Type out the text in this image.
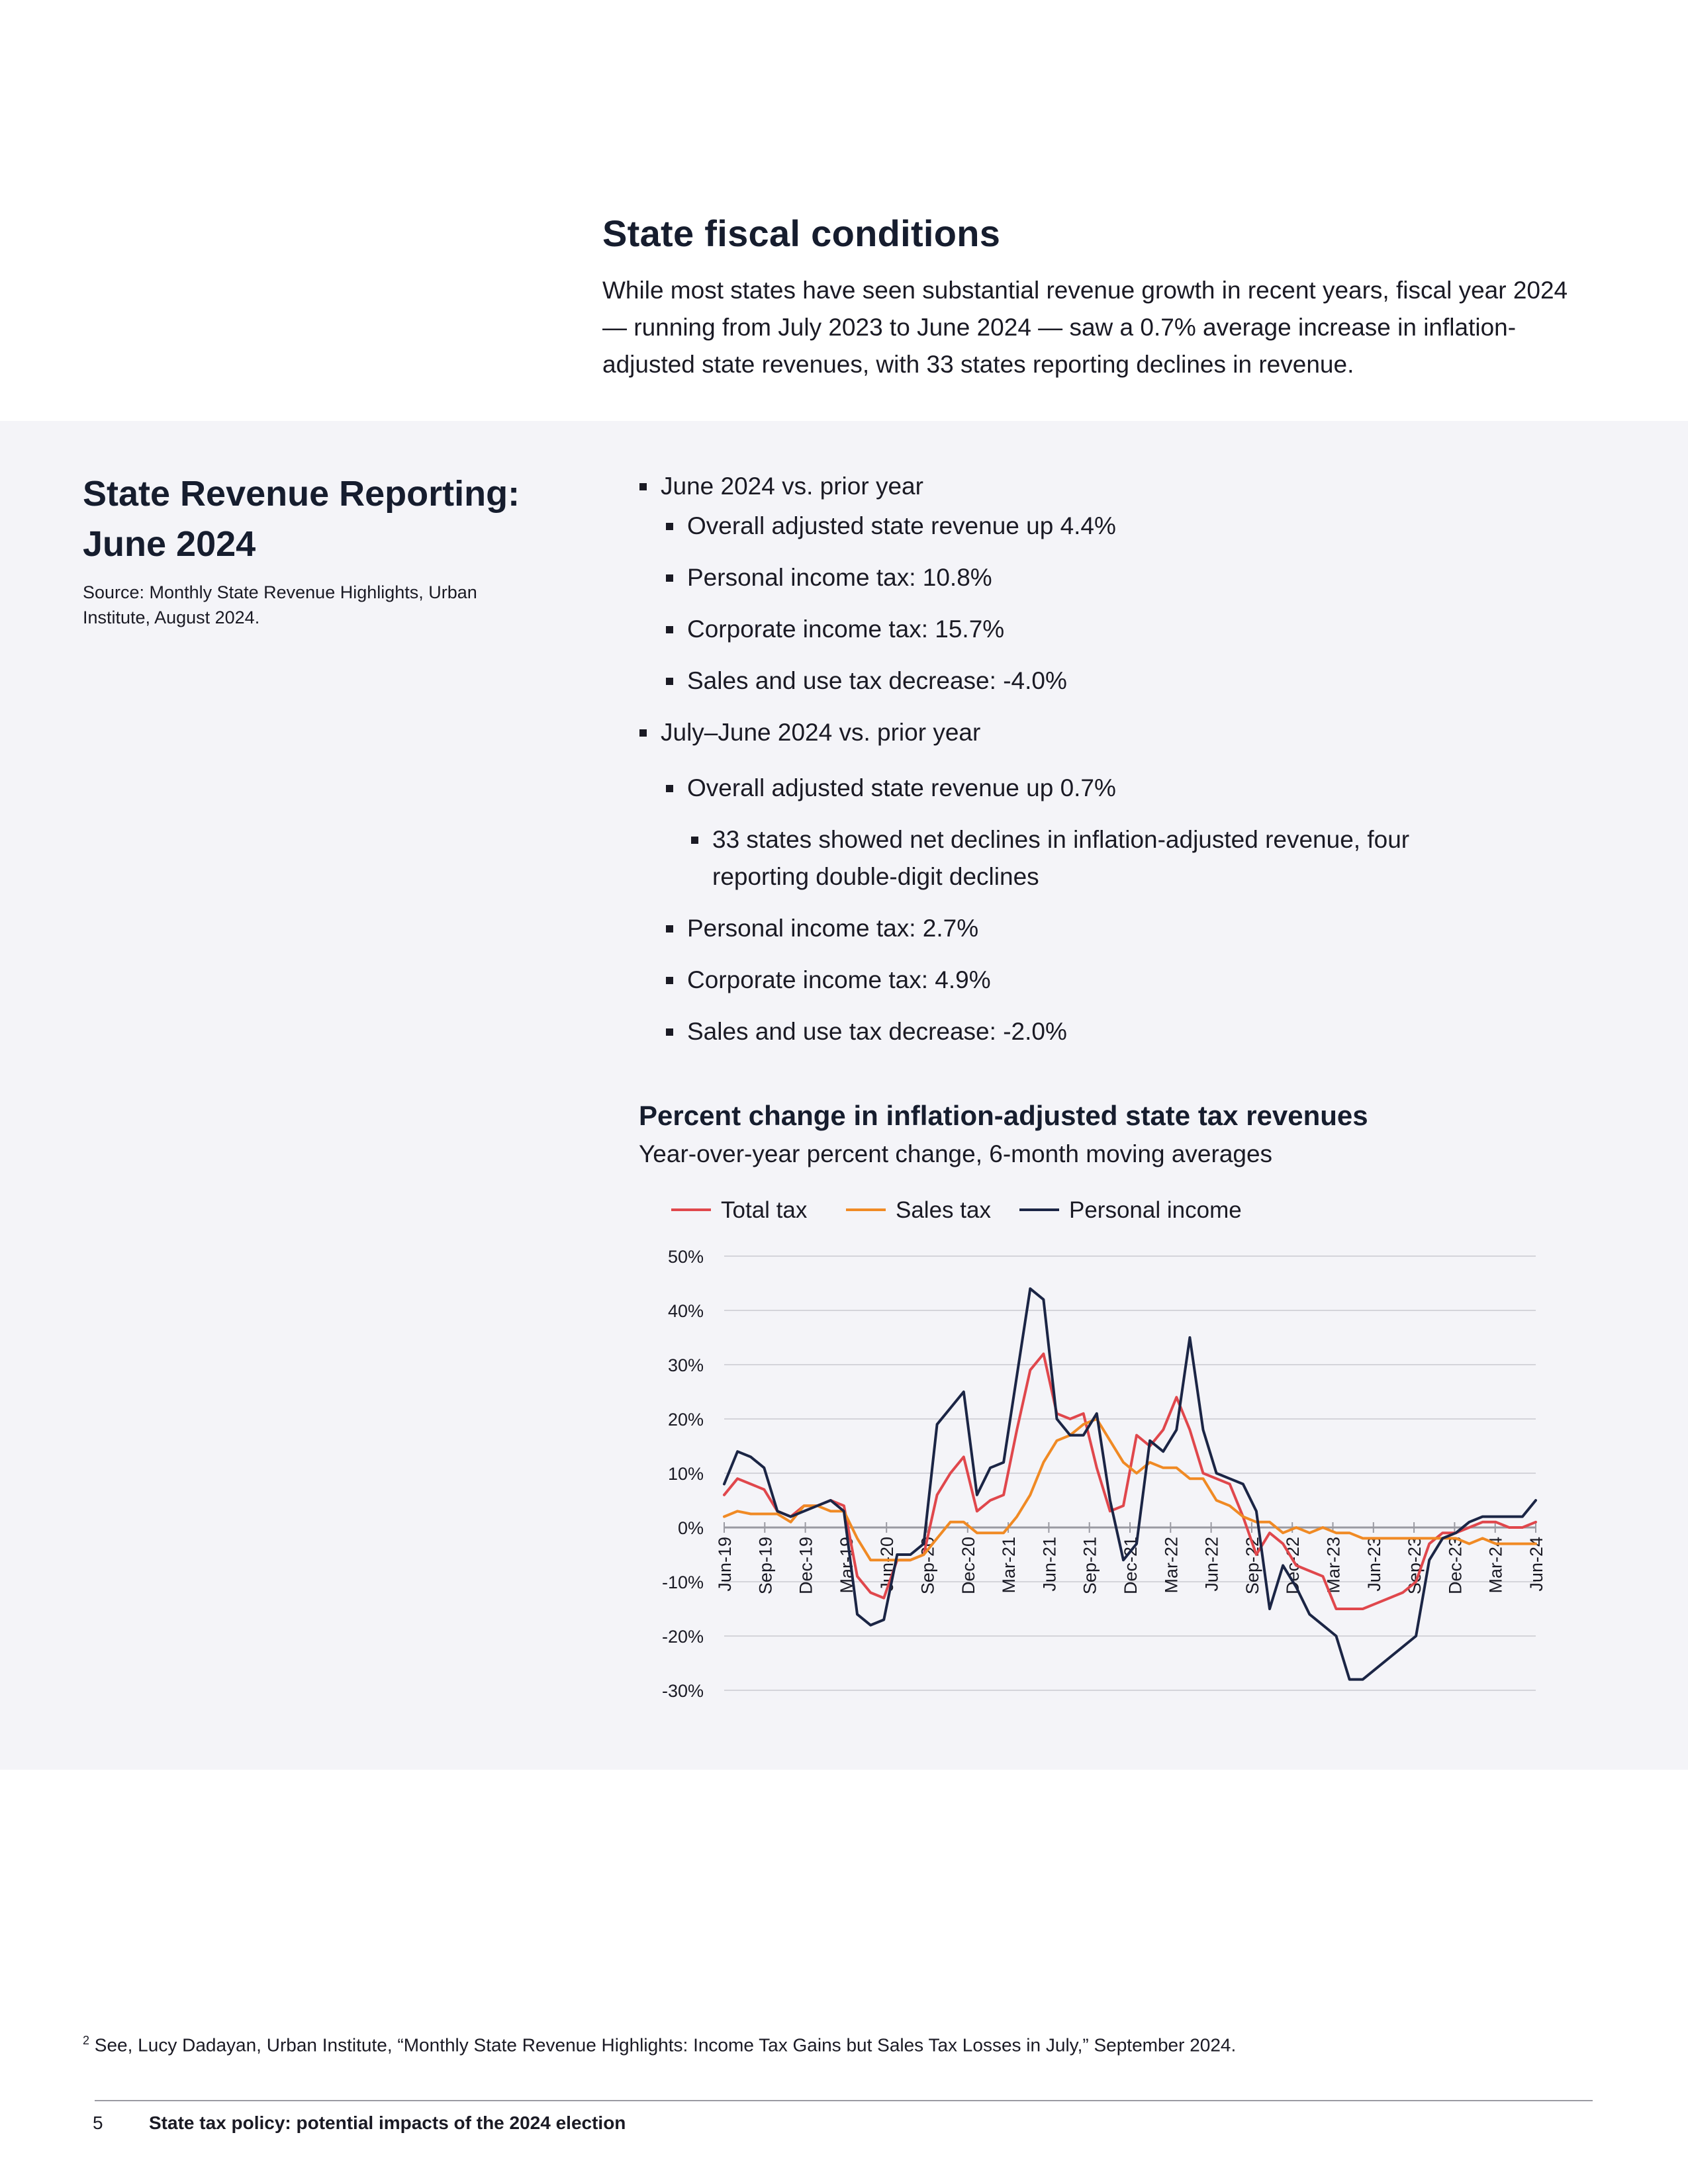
State fiscal conditions

While most states have seen substantial revenue growth in recent years, fiscal year 2024 — running from July 2023 to June 2024 — saw a 0.7% average increase in inflation-adjusted state revenues, with 33 states reporting declines in revenue.

State Revenue Reporting: June 2024

Source: Monthly State Revenue Highlights, Urban Institute, August 2024.

June 2024 vs. prior year
Overall adjusted state revenue up 4.4%
Personal income tax: 10.8%
Corporate income tax: 15.7%
Sales and use tax decrease: -4.0%
July–June 2024 vs. prior year
Overall adjusted state revenue up 0.7%
33 states showed net declines in inflation-adjusted revenue, four reporting double-digit declines
Personal income tax: 2.7%
Corporate income tax: 4.9%
Sales and use tax decrease: -2.0%
Percent change in inflation-adjusted state tax revenues

Year-over-year percent change, 6-month moving averages

-30%
-20%
-10%
0%
10%
20%
30%
40%
50%
Jun-19 Sep-19 Dec-19 Mar-19 Jun-20 Sep-20 Dec-20 Mar-21 Jun-21 Sep-21 Dec-21 Mar-22 Jun-22 Sep-22 Dec-22 Mar-23 Jun-23 Sep-23 Dec-23 Mar-24 Jun-24
Total tax	Sales tax	Personal income

$^2$ See, Lucy Dadayan, Urban Institute, “Monthly State Revenue Highlights: Income Tax Gains but Sales Tax Losses in July,” September 2024.

5 State tax policy: potential impacts of the 2024 election
